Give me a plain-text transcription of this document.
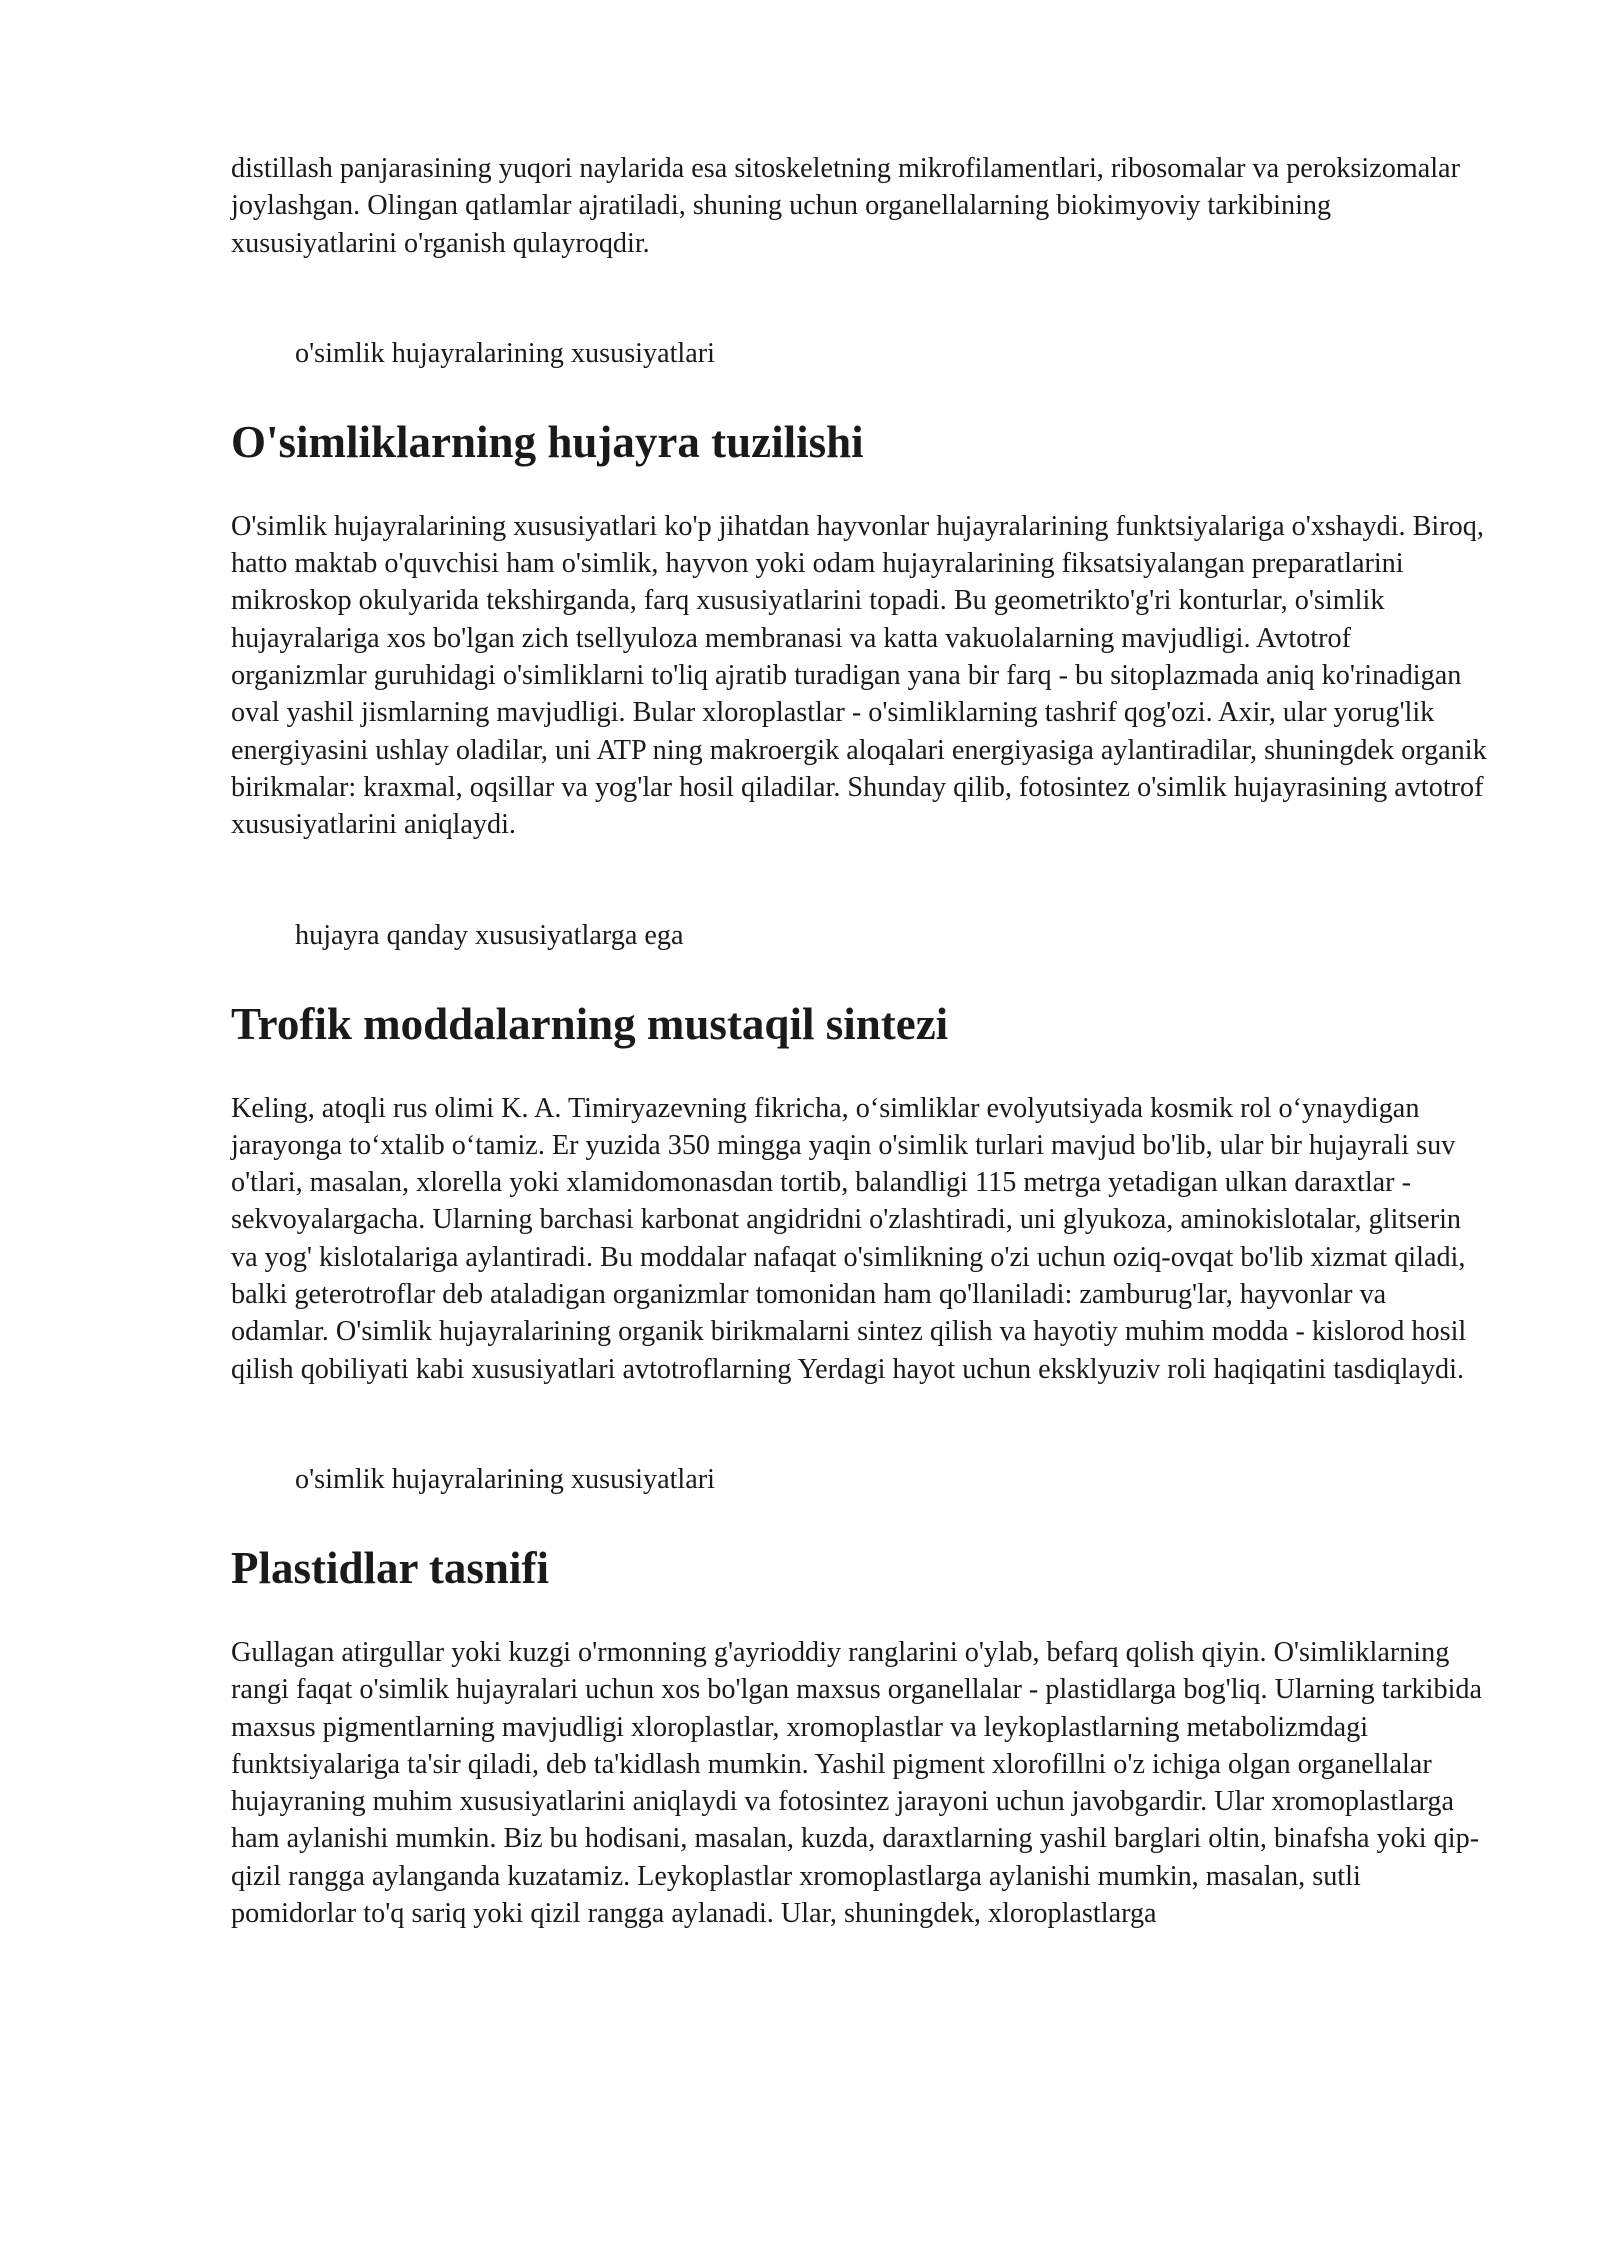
distillash panjarasining yuqori naylarida esa sitoskeletning mikrofilamentlari, ribosomalar va peroksizomalar joylashgan. Olingan qatlamlar ajratiladi, shuning uchun organellalarning biokimyoviy tarkibining xususiyatlarini o'rganish qulayroqdir.

o'simlik hujayralarining xususiyatlari

O'simliklarning hujayra tuzilishi

O'simlik hujayralarining xususiyatlari ko'p jihatdan hayvonlar hujayralarining funktsiyalariga o'xshaydi. Biroq, hatto maktab o'quvchisi ham o'simlik, hayvon yoki odam hujayralarining fiksatsiyalangan preparatlarini mikroskop okulyarida tekshirganda, farq xususiyatlarini topadi. Bu geometrikto'g'ri konturlar, o'simlik hujayralariga xos bo'lgan zich tsellyuloza membranasi va katta vakuolalarning mavjudligi. Avtotrof organizmlar guruhidagi o'simliklarni to'liq ajratib turadigan yana bir farq - bu sitoplazmada aniq ko'rinadigan oval yashil jismlarning mavjudligi. Bular xloroplastlar - o'simliklarning tashrif qog'ozi. Axir, ular yorug'lik energiyasini ushlay oladilar, uni ATP ning makroergik aloqalari energiyasiga aylantiradilar, shuningdek organik birikmalar: kraxmal, oqsillar va yog'lar hosil qiladilar. Shunday qilib, fotosintez o'simlik hujayrasining avtotrof xususiyatlarini aniqlaydi.

hujayra qanday xususiyatlarga ega

Trofik moddalarning mustaqil sintezi

Keling, atoqli rus olimi K. A. Timiryazevning fikricha, o‘simliklar evolyutsiyada kosmik rol o‘ynaydigan jarayonga to‘xtalib o‘tamiz. Er yuzida 350 mingga yaqin o'simlik turlari mavjud bo'lib, ular bir hujayrali suv o'tlari, masalan, xlorella yoki xlamidomonasdan tortib, balandligi 115 metrga yetadigan ulkan daraxtlar - sekvoyalargacha. Ularning barchasi karbonat angidridni o'zlashtiradi, uni glyukoza, aminokislotalar, glitserin va yog' kislotalariga aylantiradi. Bu moddalar nafaqat o'simlikning o'zi uchun oziq-ovqat bo'lib xizmat qiladi, balki geterotroflar deb ataladigan organizmlar tomonidan ham qo'llaniladi: zamburug'lar, hayvonlar va odamlar. O'simlik hujayralarining organik birikmalarni sintez qilish va hayotiy muhim modda - kislorod hosil qilish qobiliyati kabi xususiyatlari avtotroflarning Yerdagi hayot uchun eksklyuziv roli haqiqatini tasdiqlaydi.

o'simlik hujayralarining xususiyatlari

Plastidlar tasnifi

Gullagan atirgullar yoki kuzgi o'rmonning g'ayrioddiy ranglarini o'ylab, befarq qolish qiyin. O'simliklarning rangi faqat o'simlik hujayralari uchun xos bo'lgan maxsus organellalar - plastidlarga bog'liq. Ularning tarkibida maxsus pigmentlarning mavjudligi xloroplastlar, xromoplastlar va leykoplastlarning metabolizmdagi funktsiyalariga ta'sir qiladi, deb ta'kidlash mumkin. Yashil pigment xlorofillni o'z ichiga olgan organellalar hujayraning muhim xususiyatlarini aniqlaydi va fotosintez jarayoni uchun javobgardir. Ular xromoplastlarga ham aylanishi mumkin. Biz bu hodisani, masalan, kuzda, daraxtlarning yashil barglari oltin, binafsha yoki qip-qizil rangga aylanganda kuzatamiz. Leykoplastlar xromoplastlarga aylanishi mumkin, masalan, sutli pomidorlar to'q sariq yoki qizil rangga aylanadi. Ular, shuningdek, xloroplastlarga
